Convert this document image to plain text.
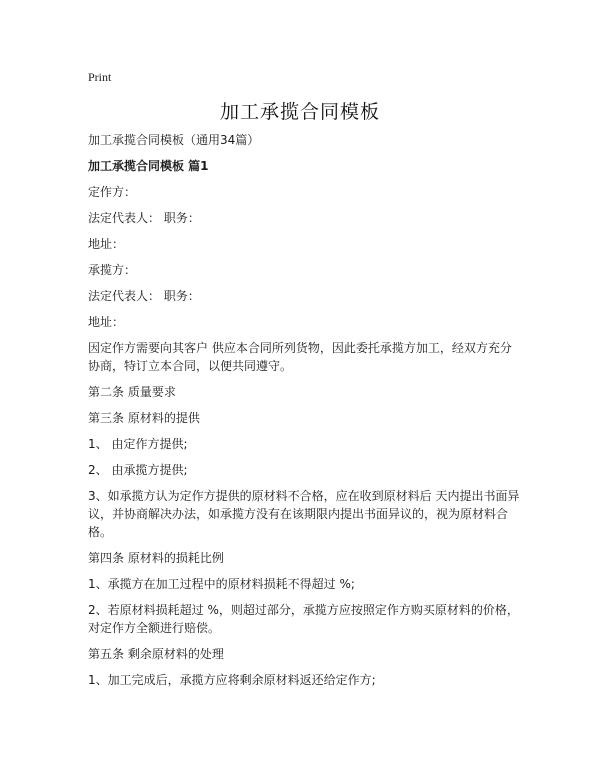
Print
加工承揽合同模板

加工承揽合同模板（通用34篇）

加工承揽合同模板 篇1

定作方：

法定代表人： 职务：

地址：

承揽方：

法定代表人： 职务：

地址：

因定作方需要向其客户 供应本合同所列货物，因此委托承揽方加工，经双方充分协商，特订立本合同，以便共同遵守。

第二条 质量要求

第三条 原材料的提供

1、 由定作方提供;

2、 由承揽方提供;

3、如承揽方认为定作方提供的原材料不合格，应在收到原材料后 天内提出书面异议，并协商解决办法，如承揽方没有在该期限内提出书面异议的，视为原材料合格。

第四条 原材料的损耗比例

1、承揽方在加工过程中的原材料损耗不得超过 %;

2、若原材料损耗超过 %，则超过部分，承揽方应按照定作方购买原材料的价格，对定作方全额进行赔偿。

第五条 剩余原材料的处理

1、加工完成后，承揽方应将剩余原材料返还给定作方;
